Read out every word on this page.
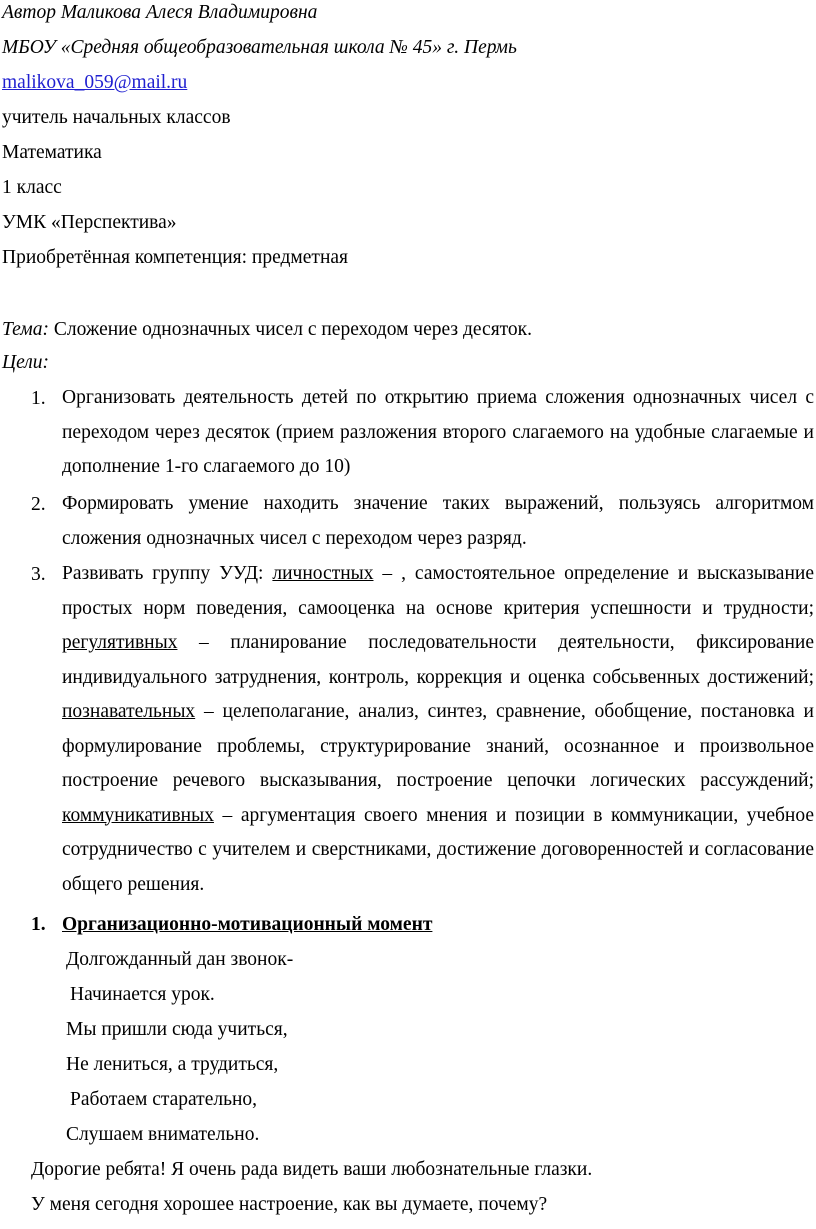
Автор Маликова Алеся Владимировна
МБОУ «Средняя общеобразовательная школа № 45» г. Пермь
malikova_059@mail.ru
учитель начальных классов
Математика
1 класс
УМК «Перспектива»
Приобретённая компетенция: предметная
Тема: Сложение однозначных чисел с переходом через десяток.
Цели:
1. Организовать деятельность детей по открытию приема сложения однозначных чисел с переходом через десяток (прием разложения второго слагаемого на удобные слагаемые и дополнение 1-го слагаемого до 10)
2. Формировать умение находить значение таких выражений, пользуясь алгоритмом сложения однозначных чисел с переходом через разряд.
3. Развивать группу УУД: личностных – , самостоятельное определение и высказывание простых норм поведения, самооценка на основе критерия успешности и трудности; регулятивных – планирование последовательности деятельности, фиксирование индивидуального затруднения, контроль, коррекция и оценка собсьвенных достижений; познавательных – целеполагание, анализ, синтез, сравнение, обобщение, постановка и формулирование проблемы, структурирование знаний, осознанное и произвольное построение речевого высказывания, построение цепочки логических рассуждений; коммуникативных – аргументация своего мнения и позиции в коммуникации, учебное сотрудничество с учителем и сверстниками, достижение договоренностей и согласование общего решения.
1. Организационно-мотивационный момент
Долгожданный дан звонок-
Начинается урок.
Мы пришли сюда учиться,
Не лениться, а трудиться,
Работаем старательно,
Слушаем внимательно.
Дорогие ребята! Я очень рада видеть ваши любознательные глазки.
У меня сегодня хорошее настроение, как вы думаете, почему?
